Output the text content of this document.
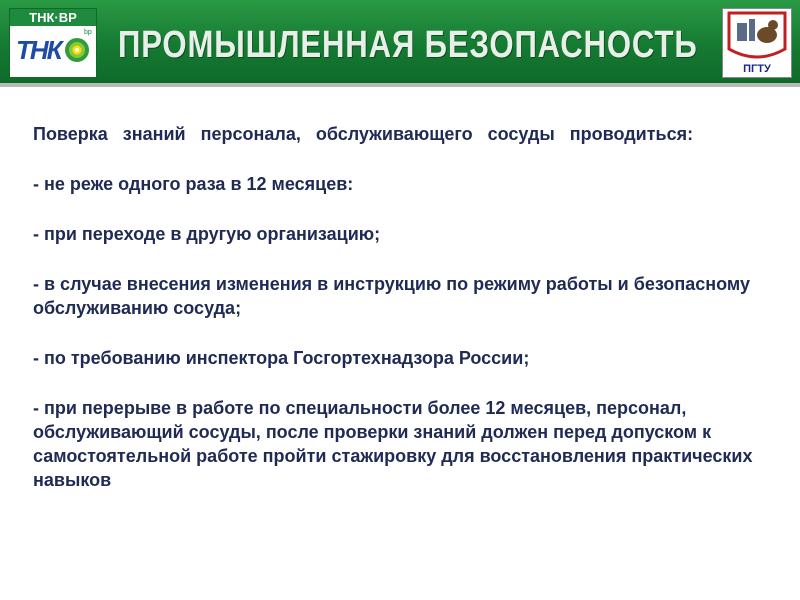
ТНК·BP
ТНК
bp ПРОМЫШЛЕННАЯ БЕЗОПАСНОСТЬ
ПГТУ
Поверка знаний персонала, обслуживающего сосуды проводиться:
- не реже одного раза в 12 месяцев:
- при переходе в другую организацию;
- в случае внесения изменения в инструкцию по режиму работы и безопасному обслуживанию сосуда;
- по требованию инспектора Госгортехнадзора России;
- при перерыве в работе по специальности более 12 месяцев, персонал, обслуживающий сосуды, после проверки знаний должен перед допуском к самостоятельной работе пройти стажировку для восстановления практических навыков
